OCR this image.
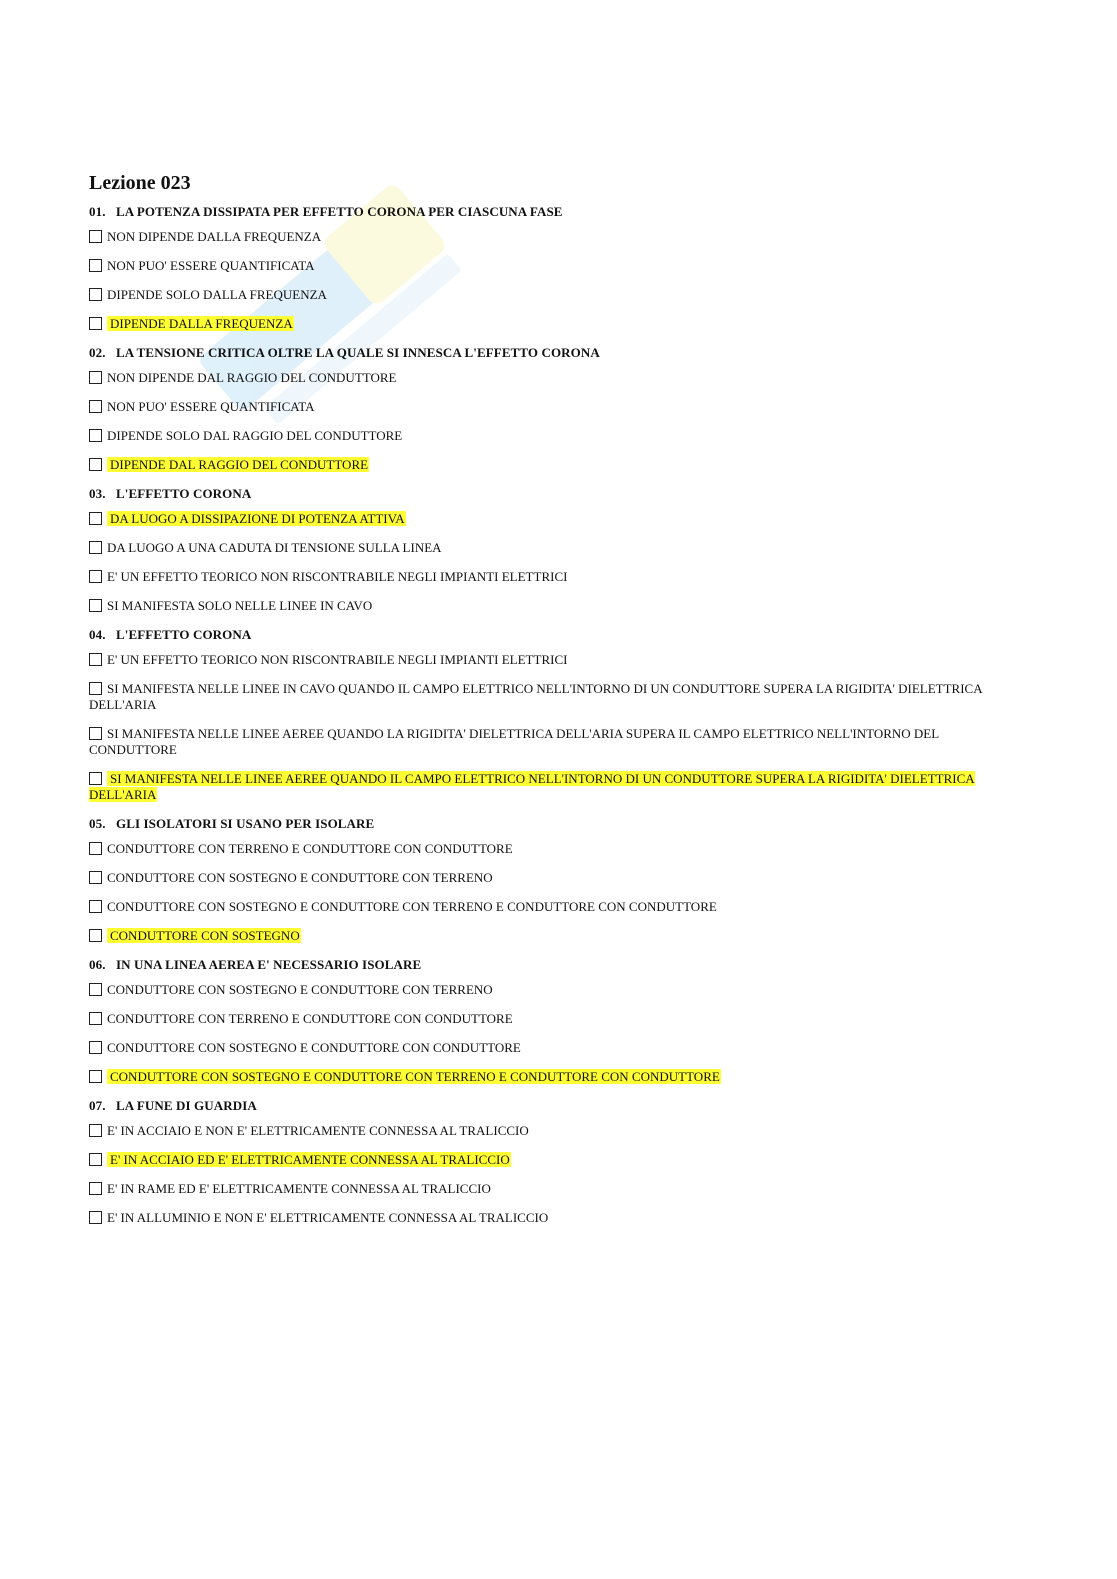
Lezione 023
01. LA POTENZA DISSIPATA PER EFFETTO CORONA PER CIASCUNA FASE
NON DIPENDE DALLA FREQUENZA
NON PUO' ESSERE QUANTIFICATA
DIPENDE SOLO DALLA FREQUENZA
DIPENDE DALLA FREQUENZA
02. LA TENSIONE CRITICA OLTRE LA QUALE SI INNESCA L'EFFETTO CORONA
NON DIPENDE DAL RAGGIO DEL CONDUTTORE
NON PUO' ESSERE QUANTIFICATA
DIPENDE SOLO DAL RAGGIO DEL CONDUTTORE
DIPENDE DAL RAGGIO DEL CONDUTTORE
03. L'EFFETTO CORONA
DA LUOGO A DISSIPAZIONE DI POTENZA ATTIVA
DA LUOGO A UNA CADUTA DI TENSIONE SULLA LINEA
E' UN EFFETTO TEORICO NON RISCONTRABILE NEGLI IMPIANTI ELETTRICI
SI MANIFESTA SOLO NELLE LINEE IN CAVO
04. L'EFFETTO CORONA
E' UN EFFETTO TEORICO NON RISCONTRABILE NEGLI IMPIANTI ELETTRICI
SI MANIFESTA NELLE LINEE IN CAVO QUANDO IL CAMPO ELETTRICO NELL'INTORNO DI UN CONDUTTORE SUPERA LA RIGIDITA' DIELETTRICA DELL'ARIA
SI MANIFESTA NELLE LINEE AEREE QUANDO LA RIGIDITA' DIELETTRICA DELL'ARIA SUPERA IL CAMPO ELETTRICO NELL'INTORNO DEL CONDUTTORE
SI MANIFESTA NELLE LINEE AEREE QUANDO IL CAMPO ELETTRICO NELL'INTORNO DI UN CONDUTTORE SUPERA LA RIGIDITA' DIELETTRICA DELL'ARIA
05. GLI ISOLATORI SI USANO PER ISOLARE
CONDUTTORE CON TERRENO E CONDUTTORE CON CONDUTTORE
CONDUTTORE CON SOSTEGNO E CONDUTTORE CON TERRENO
CONDUTTORE CON SOSTEGNO E CONDUTTORE CON TERRENO E CONDUTTORE CON CONDUTTORE
CONDUTTORE CON SOSTEGNO
06. IN UNA LINEA AEREA E' NECESSARIO ISOLARE
CONDUTTORE CON SOSTEGNO E CONDUTTORE CON TERRENO
CONDUTTORE CON TERRENO E CONDUTTORE CON CONDUTTORE
CONDUTTORE CON SOSTEGNO E CONDUTTORE CON CONDUTTORE
CONDUTTORE CON SOSTEGNO E CONDUTTORE CON TERRENO E CONDUTTORE CON CONDUTTORE
07. LA FUNE DI GUARDIA
E' IN ACCIAIO E NON E' ELETTRICAMENTE CONNESSA AL TRALICCIO
E' IN ACCIAIO ED E' ELETTRICAMENTE CONNESSA AL TRALICCIO
E' IN RAME ED E' ELETTRICAMENTE CONNESSA AL TRALICCIO
E' IN ALLUMINIO E NON E' ELETTRICAMENTE CONNESSA AL TRALICCIO
